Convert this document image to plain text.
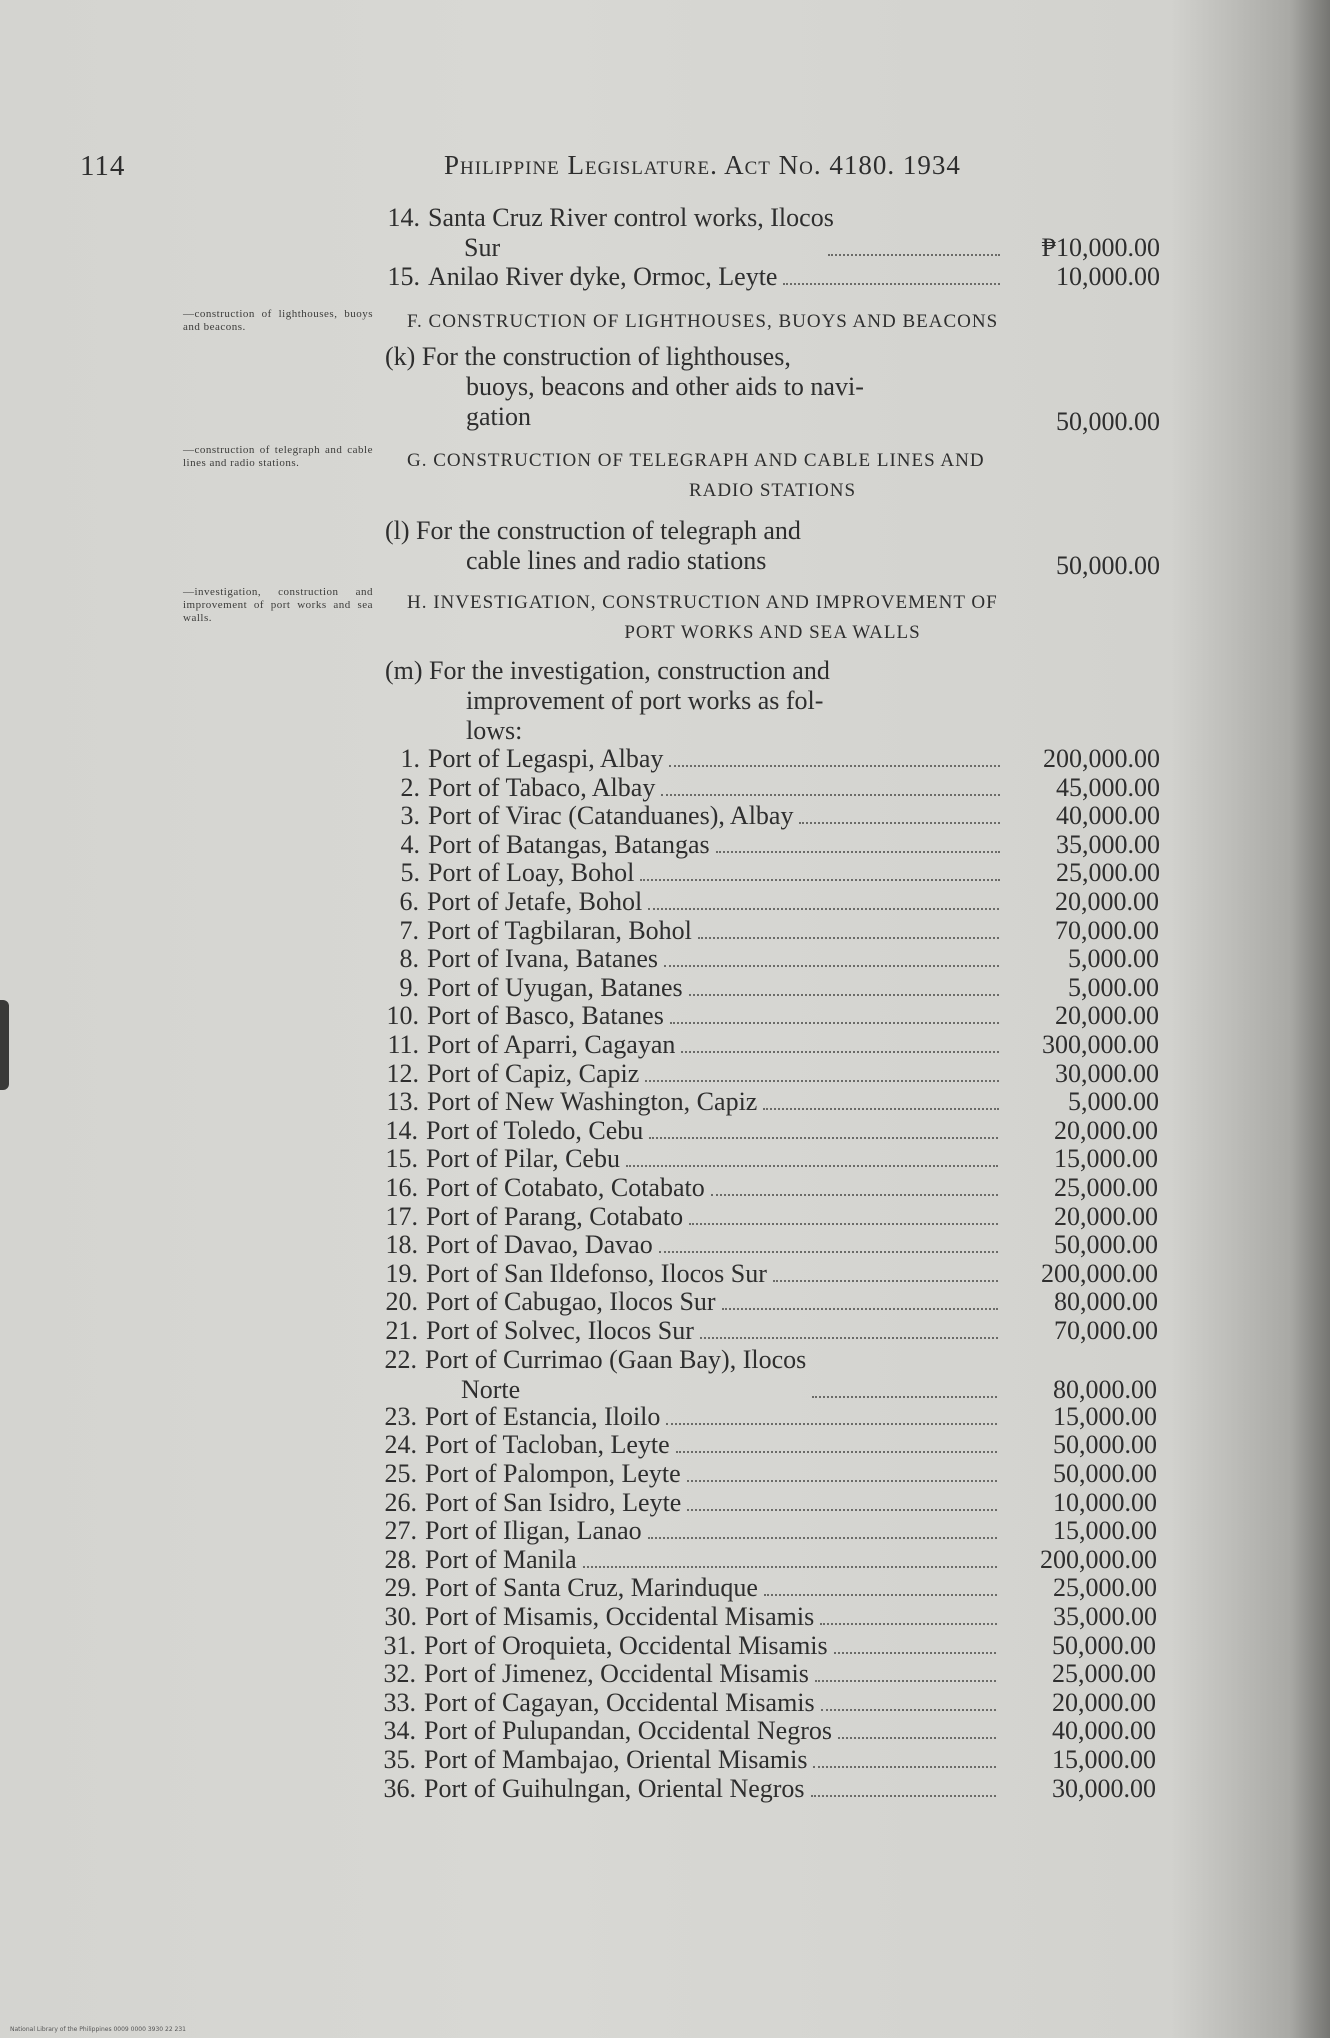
114	Philippine Legislature. Act No. 4180. 1934
14. Santa Cruz River control works, Ilocos
Sur	₱10,000.00
15. Anilao River dyke, Ormoc, Leyte	10,000.00
—construction of lighthouses, buoys and beacons.	F. CONSTRUCTION OF LIGHTHOUSES, BUOYS AND BEACONS
(k) For the construction of lighthouses,
buoys, beacons and other aids to navi-
gation	50,000.00
—construction of telegraph and cable lines and radio stations.	G. CONSTRUCTION OF TELEGRAPH AND CABLE LINES AND
RADIO STATIONS
(l) For the construction of telegraph and
cable lines and radio stations	50,000.00
—investigation, construction and improvement of port works and sea walls.
H. INVESTIGATION, CONSTRUCTION AND IMPROVEMENT OF
PORT WORKS AND SEA WALLS
(m) For the investigation, construction and
improvement of port works as fol-
lows:
1. Port of Legaspi, Albay	200,000.00
2. Port of Tabaco, Albay	45,000.00
3. Port of Virac (Catanduanes), Albay	40,000.00
4. Port of Batangas, Batangas	35,000.00
5. Port of Loay, Bohol	25,000.00
6. Port of Jetafe, Bohol	20,000.00
7. Port of Tagbilaran, Bohol	70,000.00
8. Port of Ivana, Batanes	5,000.00
9. Port of Uyugan, Batanes	5,000.00
10. Port of Basco, Batanes	20,000.00
11. Port of Aparri, Cagayan	300,000.00
12. Port of Capiz, Capiz	30,000.00
13. Port of New Washington, Capiz	5,000.00
14. Port of Toledo, Cebu	20,000.00
15. Port of Pilar, Cebu	15,000.00
16. Port of Cotabato, Cotabato	25,000.00
17. Port of Parang, Cotabato	20,000.00
18. Port of Davao, Davao	50,000.00
19. Port of San Ildefonso, Ilocos Sur	200,000.00
20. Port of Cabugao, Ilocos Sur	80,000.00
21. Port of Solvec, Ilocos Sur	70,000.00
22. Port of Currimao (Gaan Bay), Ilocos
Norte	80,000.00
23. Port of Estancia, Iloilo	15,000.00
24. Port of Tacloban, Leyte	50,000.00
25. Port of Palompon, Leyte	50,000.00
26. Port of San Isidro, Leyte	10,000.00
27. Port of Iligan, Lanao	15,000.00
28. Port of Manila	200,000.00
29. Port of Santa Cruz, Marinduque	25,000.00
30. Port of Misamis, Occidental Misamis	35,000.00
31. Port of Oroquieta, Occidental Misamis	50,000.00
32. Port of Jimenez, Occidental Misamis	25,000.00
33. Port of Cagayan, Occidental Misamis	20,000.00
34. Port of Pulupandan, Occidental Negros	40,000.00
35. Port of Mambajao, Oriental Misamis	15,000.00
36. Port of Guihulngan, Oriental Negros	30,000.00
National Library of the Philippines 0009 0000 3930 22 231
